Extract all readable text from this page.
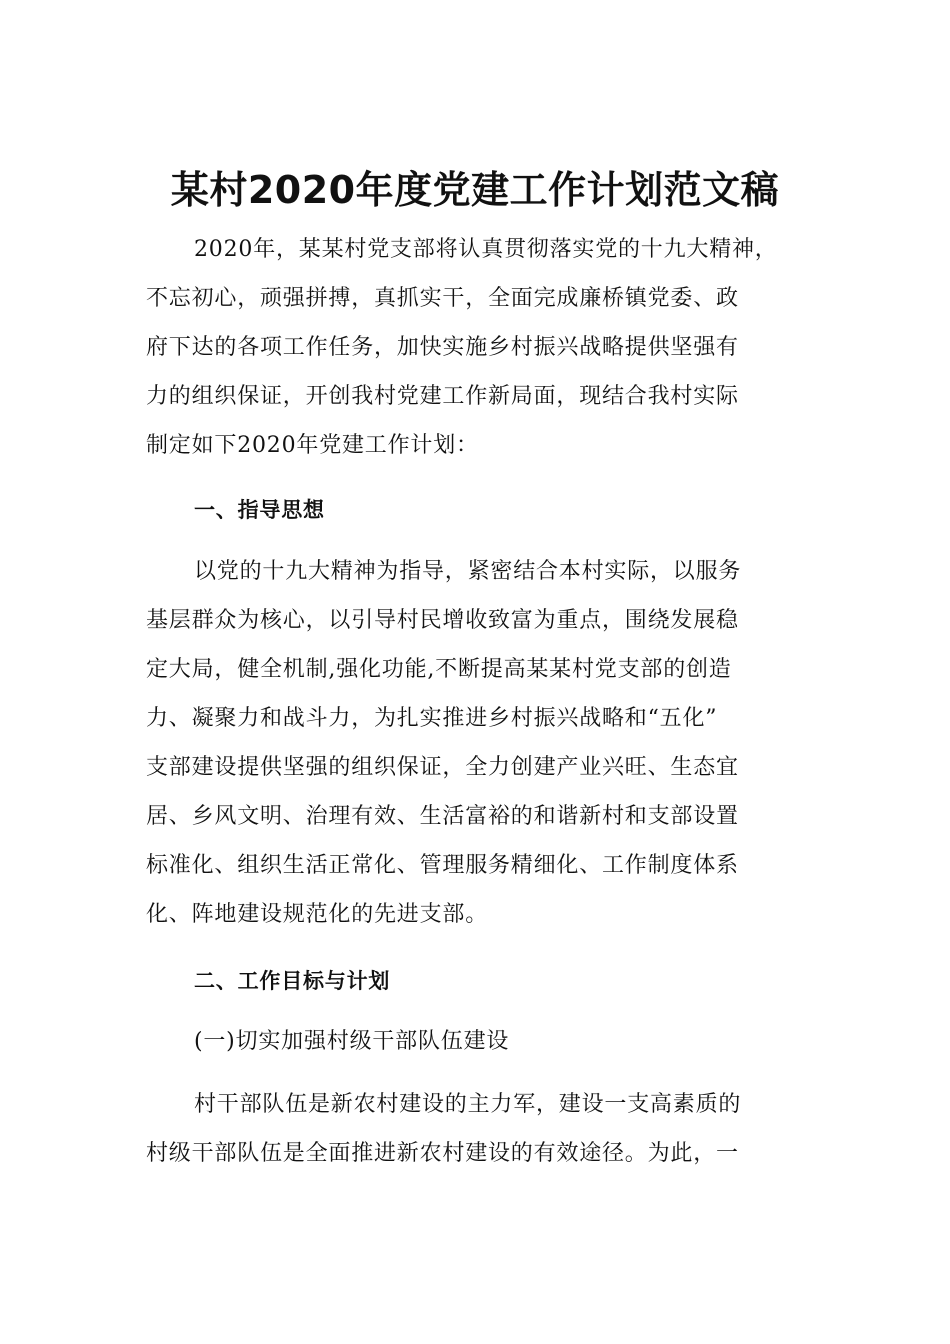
某村2020年度党建工作计划范文稿
2020年，某某村党支部将认真贯彻落实党的十九大精神，
不忘初心，顽强拼搏，真抓实干，全面完成廉桥镇党委、政
府下达的各项工作任务，加快实施乡村振兴战略提供坚强有
力的组织保证，开创我村党建工作新局面，现结合我村实际
制定如下2020年党建工作计划：
一、指导思想
以党的十九大精神为指导，紧密结合本村实际，以服务
基层群众为核心，以引导村民增收致富为重点，围绕发展稳
定大局，健全机制,强化功能,不断提高某某村党支部的创造
力、凝聚力和战斗力，为扎实推进乡村振兴战略和“五化”
支部建设提供坚强的组织保证，全力创建产业兴旺、生态宜
居、乡风文明、治理有效、生活富裕的和谐新村和支部设置
标准化、组织生活正常化、管理服务精细化、工作制度体系
化、阵地建设规范化的先进支部。
二、工作目标与计划
(一)切实加强村级干部队伍建设
村干部队伍是新农村建设的主力军，建设一支高素质的
村级干部队伍是全面推进新农村建设的有效途径。为此，一
